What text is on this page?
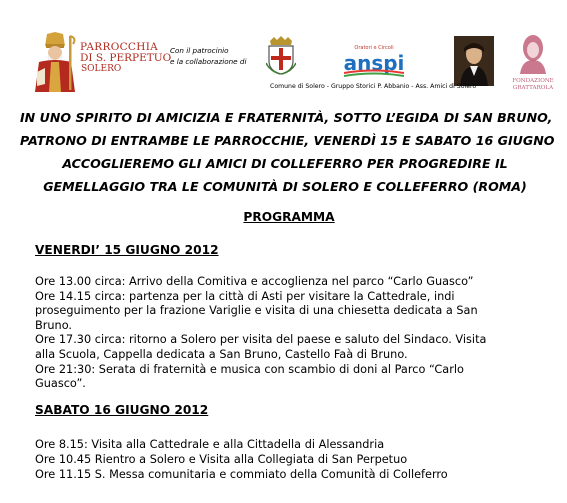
PARROCCHIA
DI S. PERPETUO
SOLERO
Con il patrocinio
e la collaborazione di
Oratori e Circoli
anspi
FONDAZIONE
GRATTAROLA
Comune di Solero - Gruppo Storici P. Abbanio - Ass. Amici di Solero
IN UNO SPIRITO DI AMICIZIA E FRATERNITÀ, SOTTO L’EGIDA DI SAN BRUNO,
PATRONO DI ENTRAMBE LE PARROCCHIE, VENERDÌ 15 E SABATO 16 GIUGNO
ACCOGLIEREMO GLI AMICI DI COLLEFERRO PER PROGREDIRE IL
GEMELLAGGIO TRA LE COMUNITÀ DI SOLERO E COLLEFERRO (ROMA)
PROGRAMMA
VENERDI’ 15 GIUGNO 2012
Ore 13.00 circa: Arrivo della Comitiva e accoglienza nel parco “Carlo Guasco”
Ore 14.15 circa: partenza per la città di Asti per visitare la Cattedrale, indi
proseguimento per la frazione Variglie e visita di una chiesetta dedicata a San
Bruno.
Ore 17.30 circa: ritorno a Solero per visita del paese e saluto del Sindaco. Visita
alla Scuola, Cappella dedicata a San Bruno, Castello Faà di Bruno.
Ore 21:30: Serata di fraternità e musica con scambio di doni al Parco “Carlo
Guasco”.
SABATO 16 GIUGNO 2012
Ore 8.15: Visita alla Cattedrale e alla Cittadella di Alessandria
Ore 10.45 Rientro a Solero e Visita alla Collegiata di San Perpetuo
Ore 11.15 S. Messa comunitaria e commiato della Comunità di Colleferro
